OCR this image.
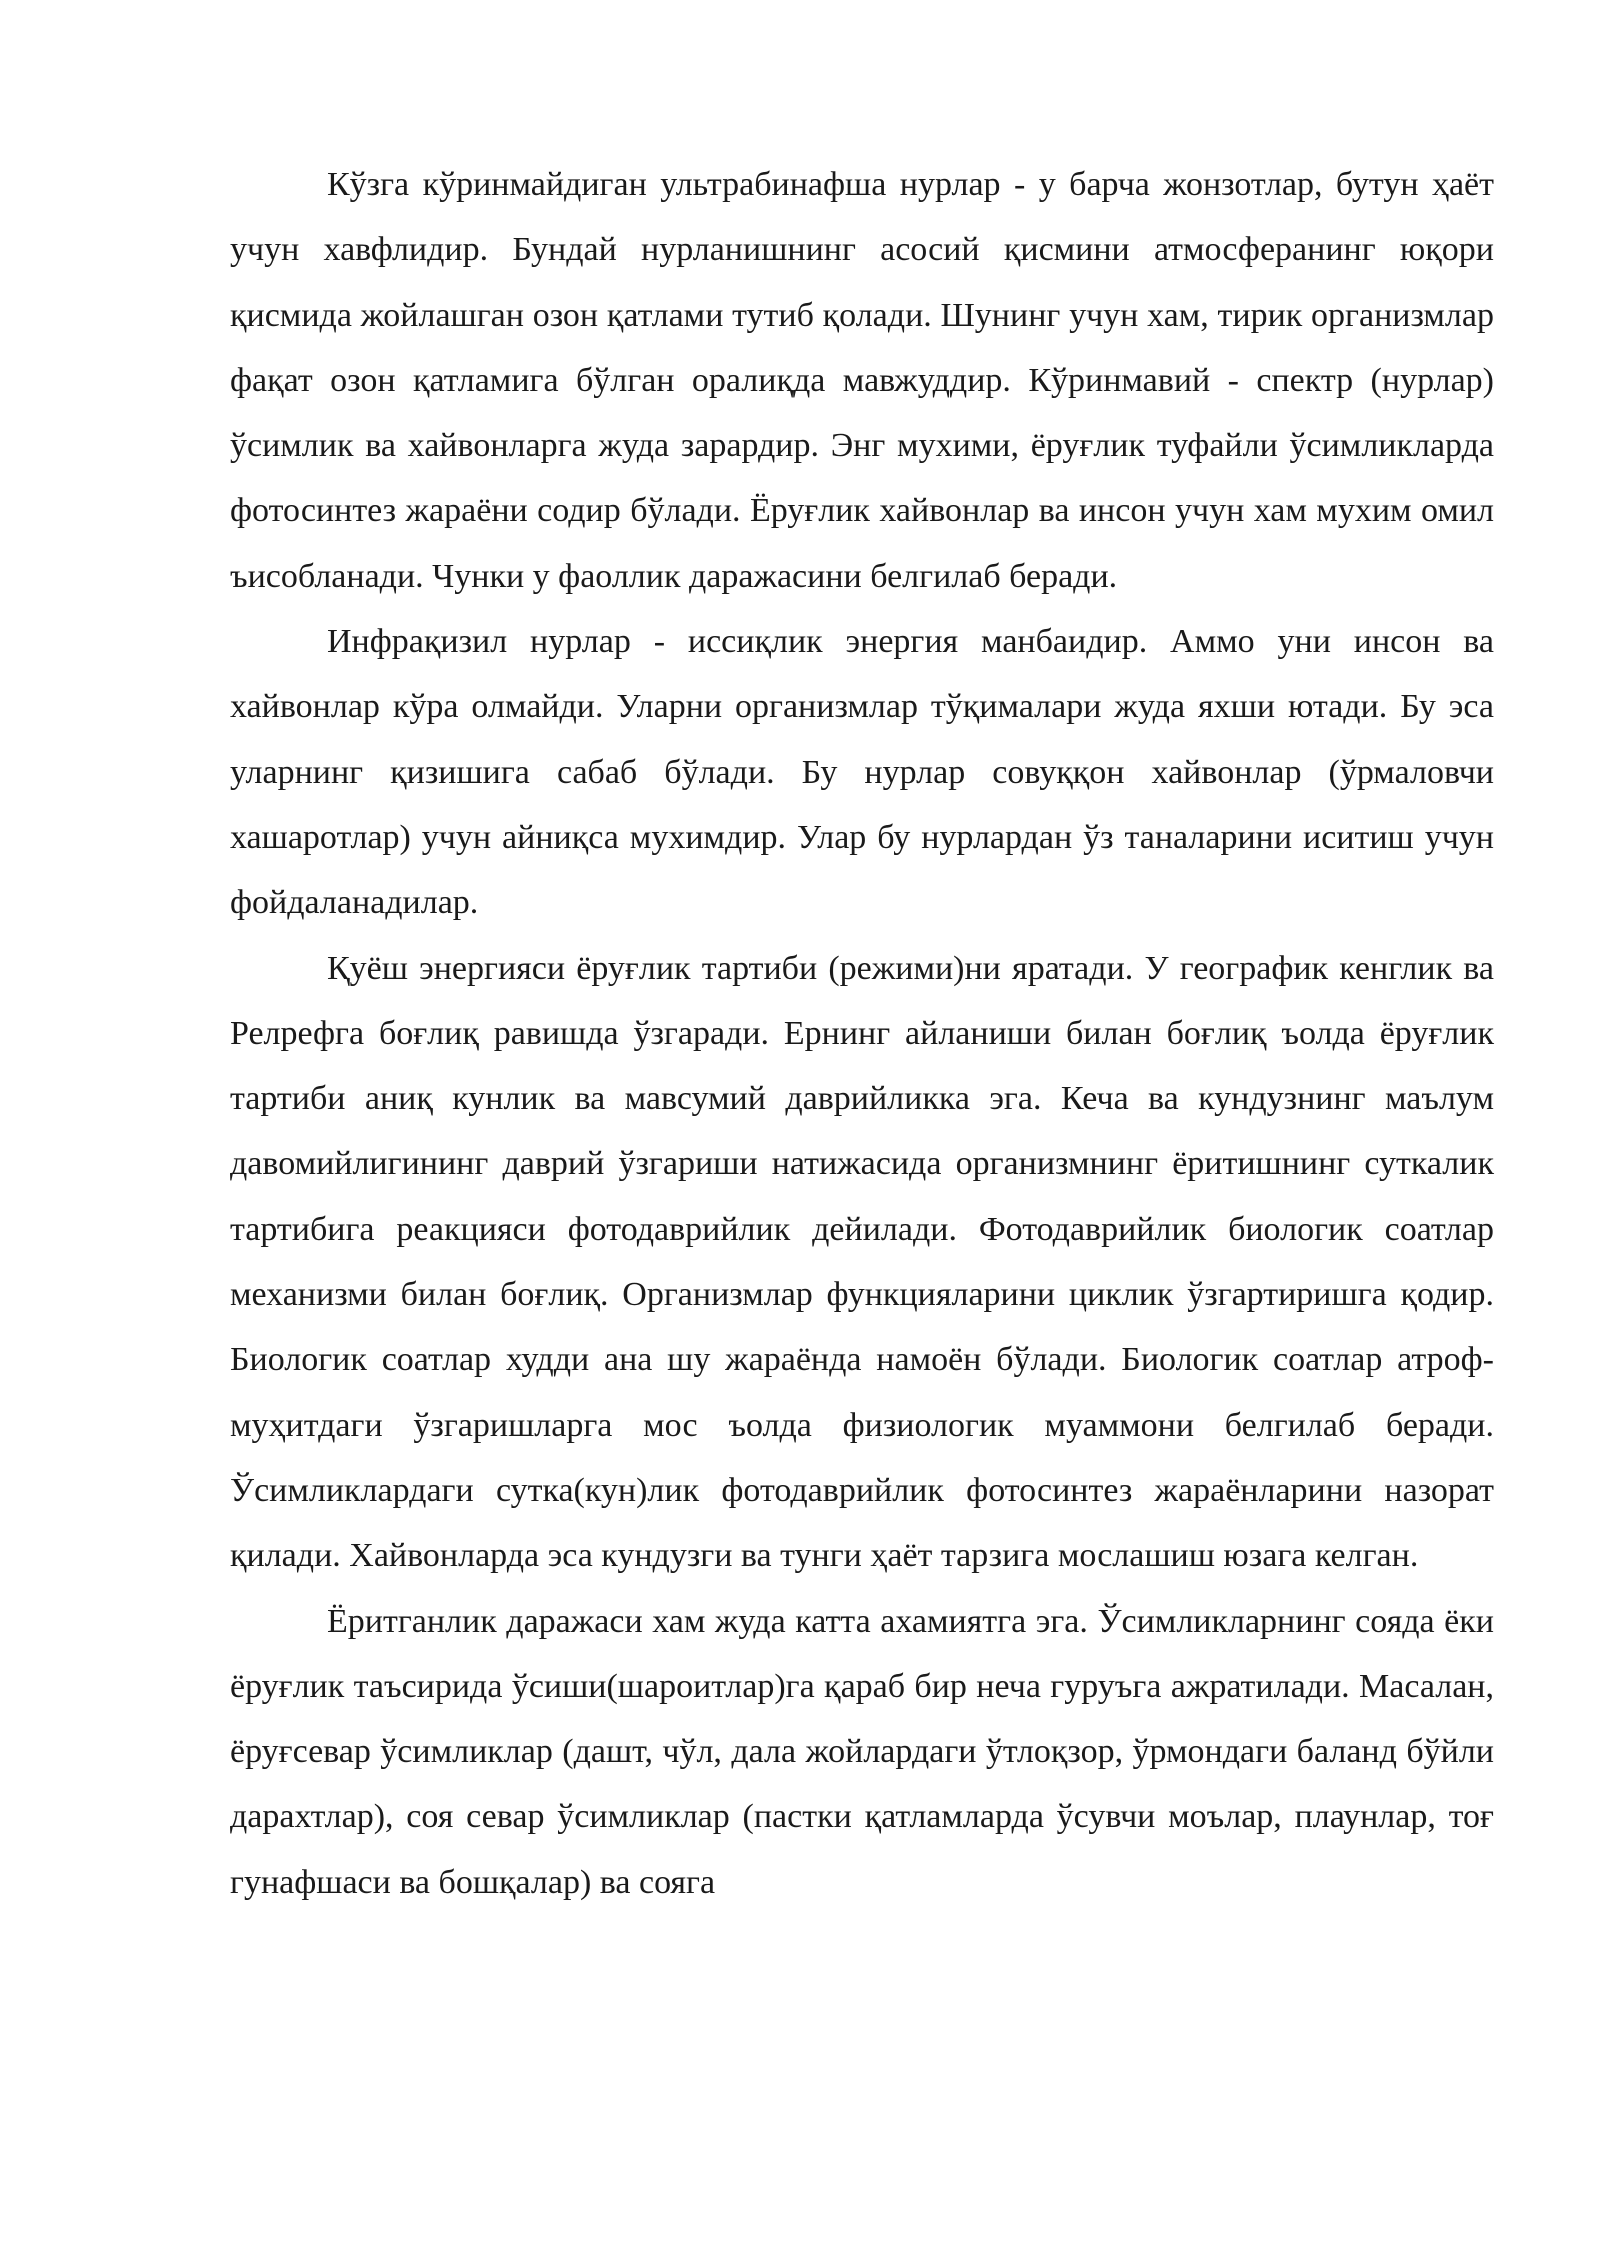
Кўзга кўринмайдиган ультрабинафша нурлар - у барча жонзотлар, бутун ҳаёт учун хавфлидир. Бундай нурланишнинг асосий қисмини атмосферанинг юқори қисмида жойлашган озон қатлами тутиб қолади. Шунинг учун хам, тирик организмлар фақат озон қатламига бўлган оралиқда мавжуддир. Кўринмавий - спектр (нурлар) ўсимлик ва хайвонларга жуда зарардир. Энг мухими, ёруғлик туфайли ўсимликларда фотосинтез жараёни содир бўлади. Ёруғлик хайвонлар ва инсон учун хам мухим омил ъисобланади. Чунки у фаоллик даражасини белгилаб беради.

Инфрақизил нурлар - иссиқлик энергия манбаидир. Аммо уни инсон ва хайвонлар кўра олмайди. Уларни организмлар тўқималари жуда яхши ютади. Бу эса уларнинг қизишига сабаб бўлади. Бу нурлар совуққон хайвонлар (ўрмаловчи хашаротлар) учун айниқса мухимдир. Улар бу нурлардан ўз таналарини иситиш учун фойдаланадилар.

Қуёш энергияси ёруғлик тартиби (режими)ни яратади. У географик кенглик ва Релрефга боғлиқ равишда ўзгаради. Ернинг айланиши билан боғлиқ ъолда ёруғлик тартиби аниқ кунлик ва мавсумий даврийликка эга. Кеча ва кундузнинг маълум давомийлигининг даврий ўзгариши натижасида организмнинг ёритишнинг суткалик тартибига реакцияси фотодаврийлик дейилади. Фотодаврийлик биологик соатлар механизми билан боғлиқ. Организмлар функцияларини циклик ўзгартиришга қодир. Биологик соатлар худди ана шу жараёнда намоён бўлади. Биологик соатлар атроф-муҳитдаги ўзгаришларга мос ъолда физиологик муаммони белгилаб беради. Ўсимликлардаги сутка(кун)лик фотодаврийлик фотосинтез жараёнларини назорат қилади. Хайвонларда эса кундузги ва тунги ҳаёт тарзига мослашиш юзага келган.

Ёритганлик даражаси хам жуда катта ахамиятга эга. Ўсимликларнинг сояда ёки ёруғлик таъсирида ўсиши(шароитлар)га қараб бир неча гуруъга ажратилади. Масалан, ёруғсевар ўсимликлар (дашт, чўл, дала жойлардаги ўтлоқзор, ўрмондаги баланд бўйли дарахтлар), соя севар ўсимликлар (пастки қатламларда ўсувчи моълар, плаунлар, тоғ гунафшаси ва бошқалар) ва сояга
